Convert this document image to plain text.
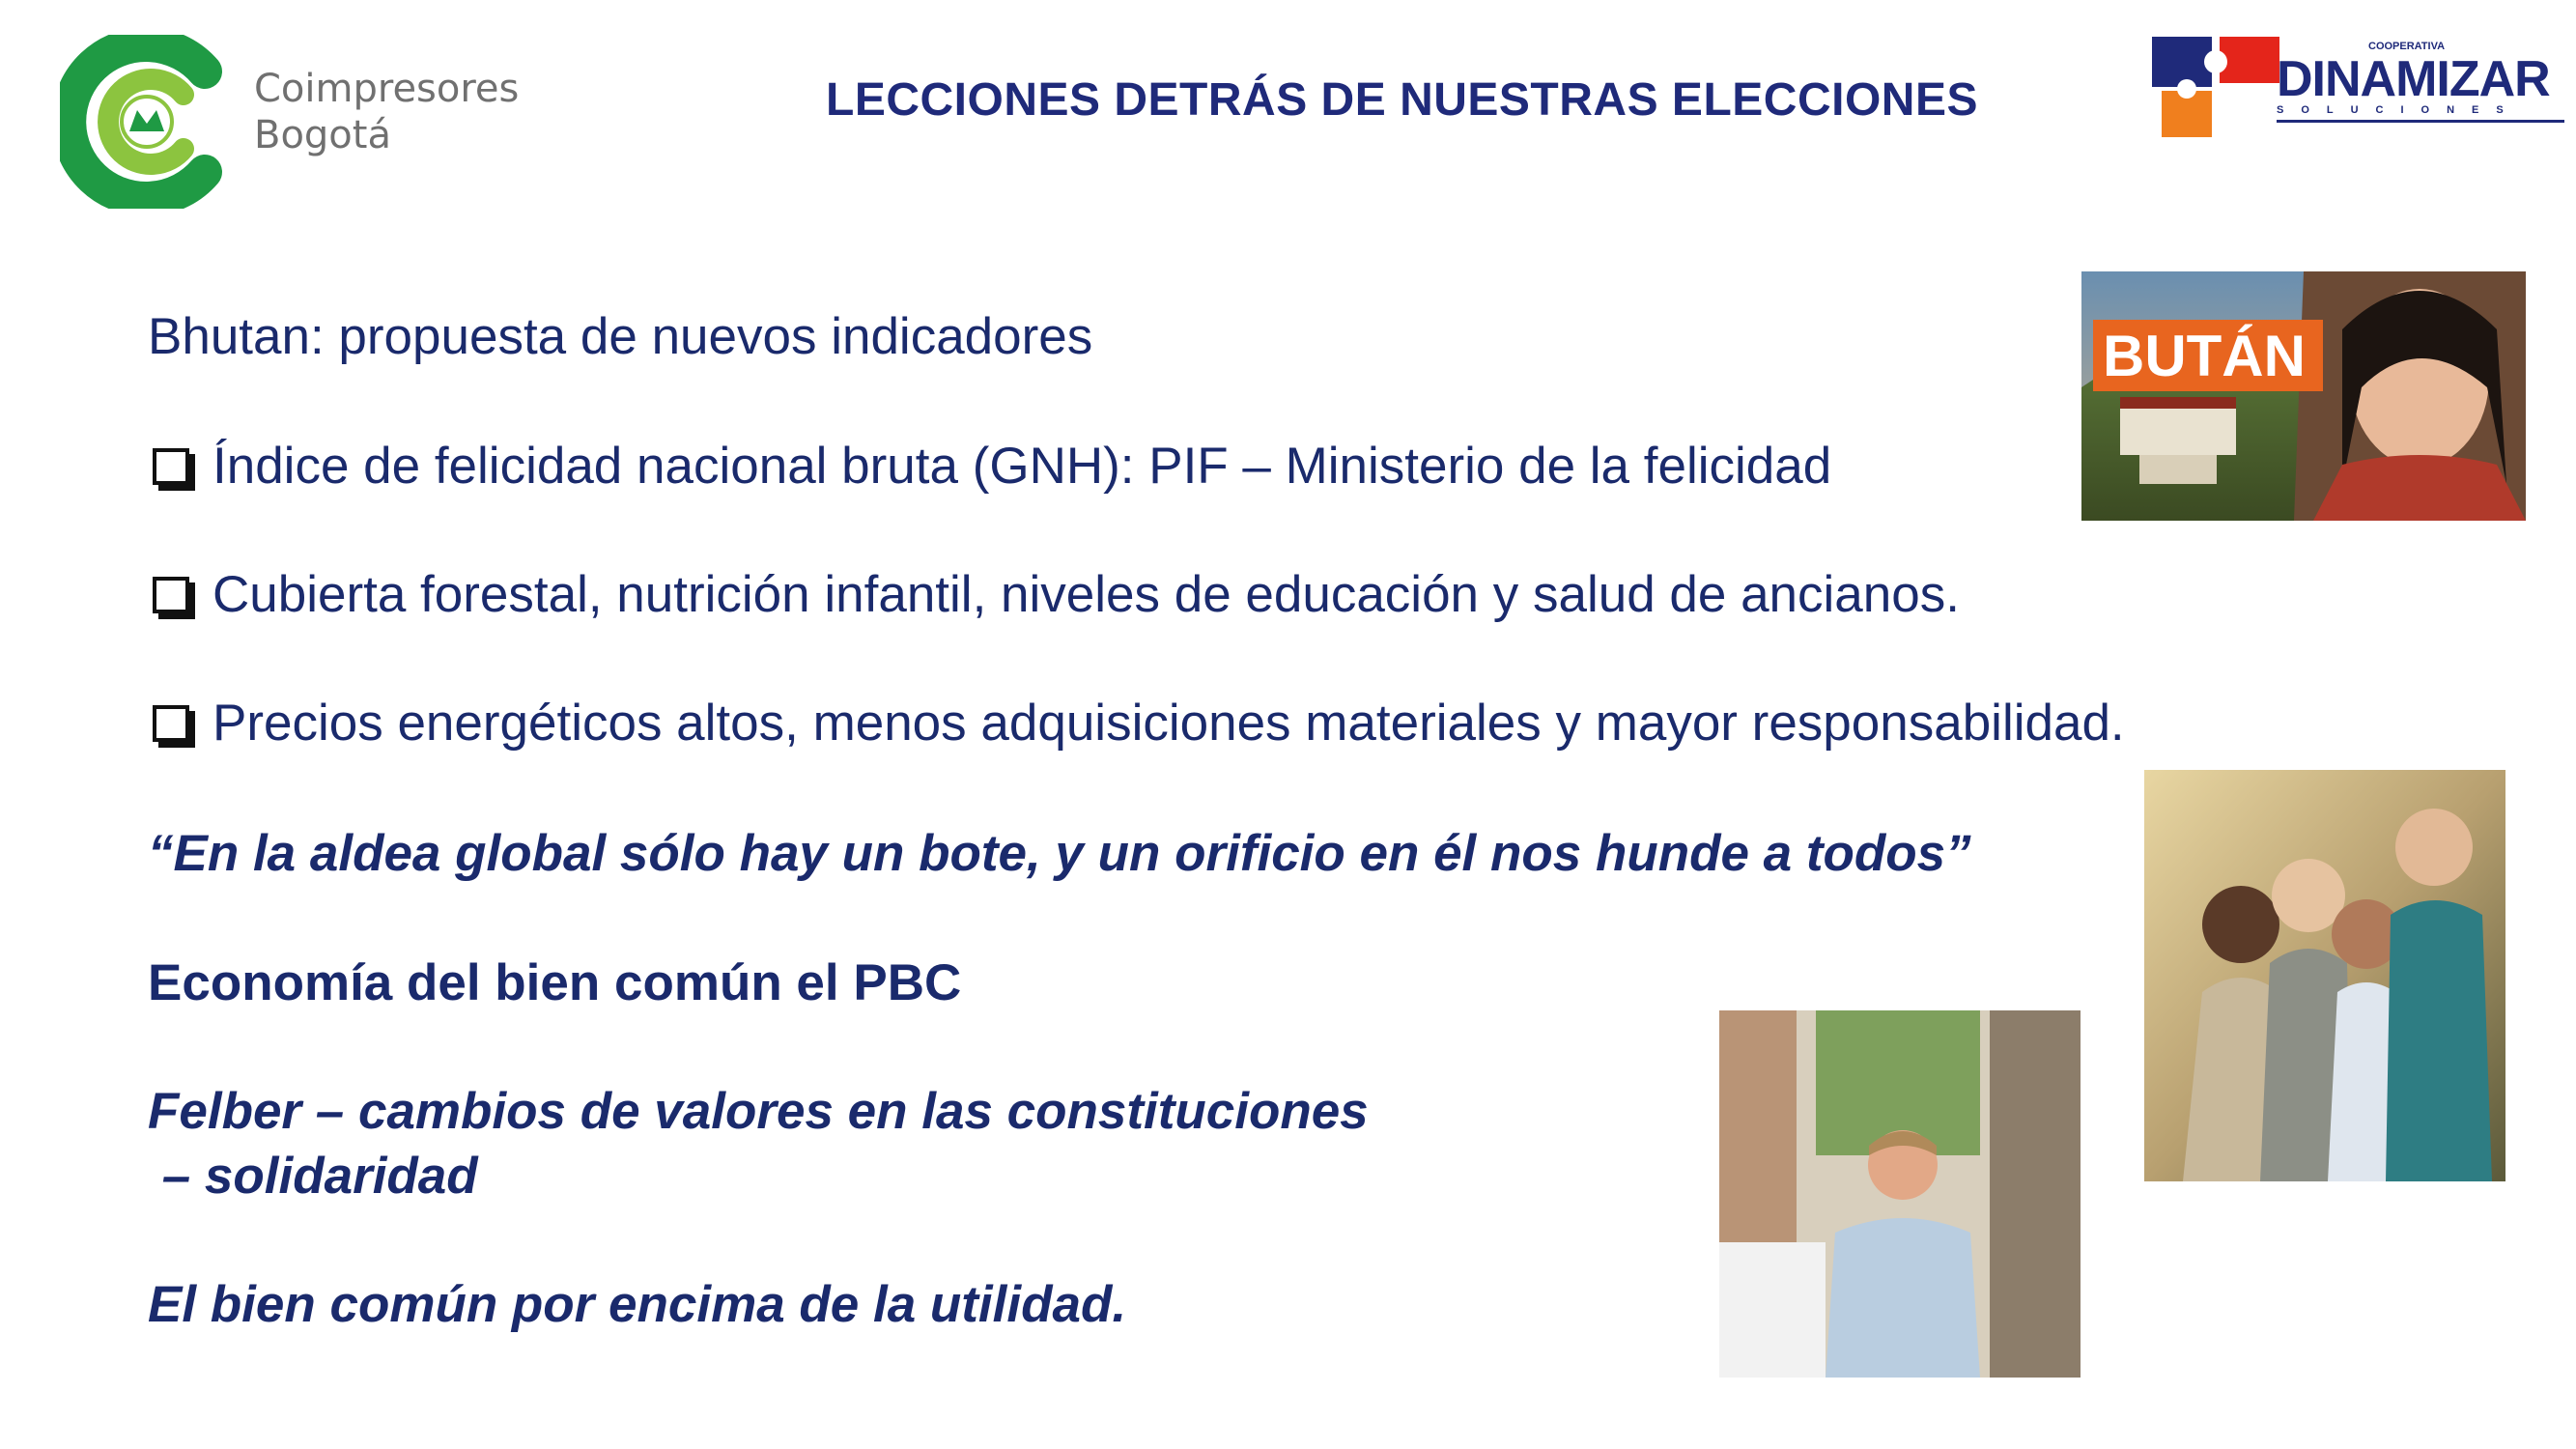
Coimpresores
Bogotá
LECCIONES DETRÁS DE NUESTRAS ELECCIONES
COOPERATIVA
DINAMIZAR
SOLUCIONES
Bhutan: propuesta de nuevos indicadores
Índice de felicidad nacional bruta (GNH): PIF – Ministerio de la felicidad
Cubierta forestal, nutrición infantil, niveles de educación y salud de ancianos.
Precios energéticos altos, menos adquisiciones materiales y mayor responsabilidad.
“En la aldea global sólo hay un bote, y un orificio en él nos hunde a todos”
Economía del bien común el PBC
Felber – cambios de valores en las constituciones
– solidaridad
El bien común por encima de la utilidad.
BUTÁN
